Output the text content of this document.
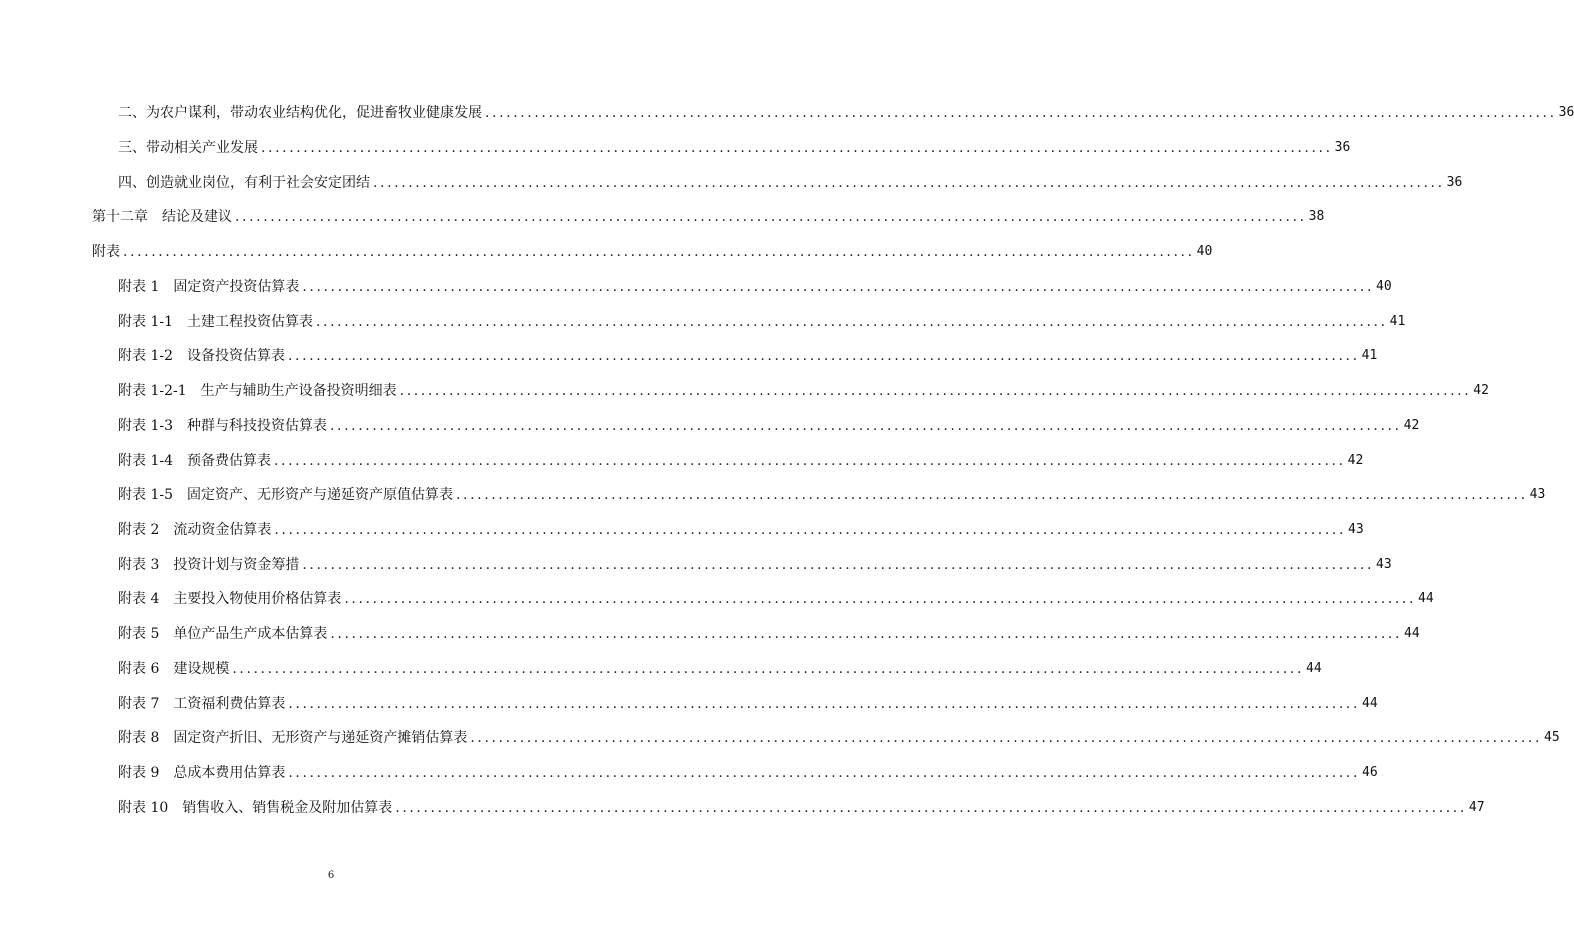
二、为农户谋利，带动农业结构优化，促进畜牧业健康发展 ........................................................................................................................................................ 36
三、带动相关产业发展 ........................................................................................................................................................ 36
四、创造就业岗位，有利于社会安定团结 ........................................................................................................................................................ 36
第十二章　结论及建议 ........................................................................................................................................................ 38
附表 ........................................................................................................................................................ 40
附表 1　固定资产投资估算表 ........................................................................................................................................................ 40
附表 1-1　土建工程投资估算表 ........................................................................................................................................................ 41
附表 1-2　设备投资估算表 ........................................................................................................................................................ 41
附表 1-2-1　生产与辅助生产设备投资明细表 ........................................................................................................................................................ 42
附表 1-3　种群与科技投资估算表 ........................................................................................................................................................ 42
附表 1-4　预备费估算表 ........................................................................................................................................................ 42
附表 1-5　固定资产、无形资产与递延资产原值估算表 ........................................................................................................................................................ 43
附表 2　流动资金估算表 ........................................................................................................................................................ 43
附表 3　投资计划与资金筹措 ........................................................................................................................................................ 43
附表 4　主要投入物使用价格估算表 ........................................................................................................................................................ 44
附表 5　单位产品生产成本估算表 ........................................................................................................................................................ 44
附表 6　建设规模 ........................................................................................................................................................ 44
附表 7　工资福利费估算表 ........................................................................................................................................................ 44
附表 8　固定资产折旧、无形资产与递延资产摊销估算表 ........................................................................................................................................................ 45
附表 9　总成本费用估算表 ........................................................................................................................................................ 46
附表 10　销售收入、销售税金及附加估算表 ........................................................................................................................................................ 47
6
